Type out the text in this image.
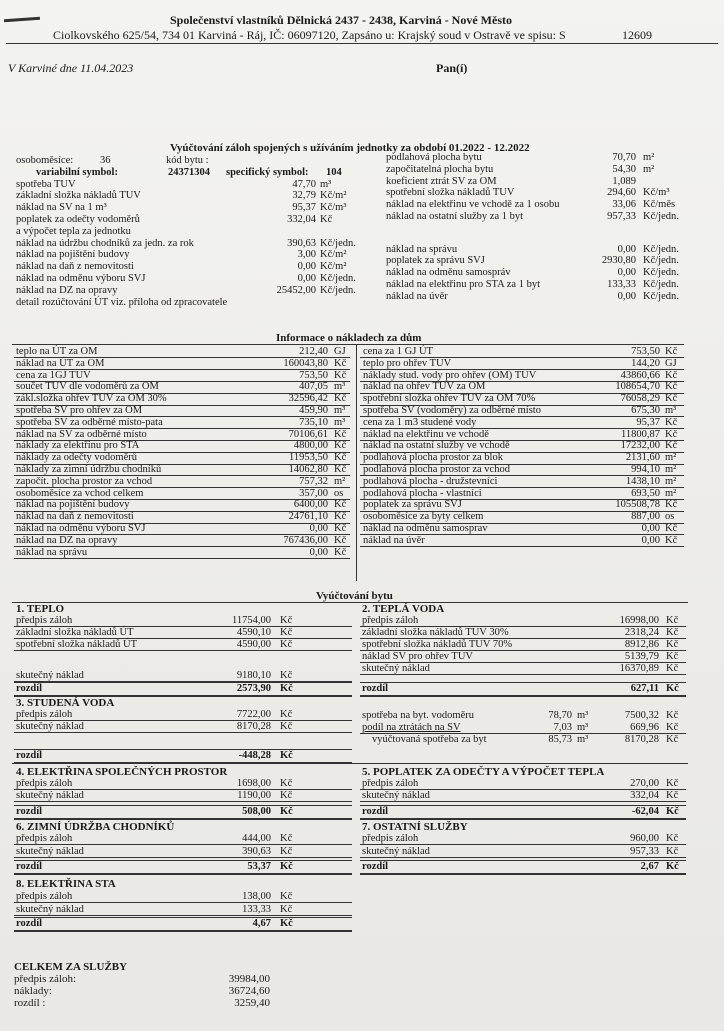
Společenství vlastníků Dělnická 2437 - 2438, Karviná - Nové Město
Ciolkovského 625/54, 734 01 Karviná - Ráj, IČ: 06097120, Zapsáno u: Krajský soud v Ostravě ve spisu: S	12609
V Karviné dne 11.04.2023	Pan(í)
Vyúčtování záloh spojených s užíváním jednotky za období 01.2022 - 12.2022
osoboměsíce:	36
variabilní symbol:	24371304
spotřeba TUV	47,70 m³
základní složka nákladů TUV	32,79 Kč/m²
náklad na SV na 1 m³	95,37 Kč/m³
poplatek za odečty vodoměrů	332,04 Kč
a výpočet tepla za jednotku
náklad na údržbu chodníků za jedn. za rok	390,63 Kč/jedn.
náklad na pojištění budovy	3,00 Kč/m²
náklad na daň z nemovitosti	0,00 Kč/m²
náklad na odměnu výboru SVJ	0,00 Kč/jedn.
náklad na DZ na opravy	25452,00 Kč/jedn.
detail rozúčtování ÚT viz. příloha od zpracovatele
kód bytu :
specifický symbol: 104
podlahová plocha bytu	70,70 m²
započitatelná plocha bytu	54,30 m²
koeficient ztrát SV za OM	1,089
spotřební složka nákladů TUV	294,60 Kč/m³
náklad na elektřinu ve vchodě za 1 osobu	33,06 Kč/měs
náklad na ostatní služby za 1 byt	957,33 Kč/jedn.
náklad na správu	0,00 Kč/jedn.
poplatek za správu SVJ	2930,80 Kč/jedn.
náklad na odměnu samospráv	0,00 Kč/jedn.
náklad na elektřinu pro STA za 1 byt	133,33 Kč/jedn.
náklad na úvěr	0,00 Kč/jedn.
Informace o nákladech za dům
teplo na ÚT za OM	212,40 GJ
náklad na ÚT za OM	160043,80 Kč
cena za 1GJ TUV	753,50 Kč
součet TUV dle vodoměrů za OM	407,05 m³
zákl.složka ohřev TUV za OM 30%	32596,42 Kč
spotřeba SV pro ohřev za OM	459,90 m³
spotřeba SV za odběrné místo-pata	735,10 m³
náklad na SV za odběrné místo	70106,61 Kč
náklady za elektřinu pro STA	4800,00 Kč
náklady za odečty vodoměrů	11953,50 Kč
náklady za zimní údržbu chodníků	14062,80 Kč
započít. plocha prostor za vchod	757,32 m²
osoboměsíce za vchod celkem	357,00 os
náklad na pojištění budovy	6400,00 Kč
náklad na daň z nemovitosti	24761,10 Kč
náklad na odměnu výboru SVJ	0,00 Kč
náklad na DZ na opravy	767436,00 Kč
náklad na správu	0,00 Kč
cena za 1 GJ ÚT	753,50 Kč
teplo pro ohřev TUV	144,20 GJ
náklady stud. vody pro ohřev (OM) TUV	43860,66 Kč
náklad na ohřev TUV za OM	108654,70 Kč
spotřební složka ohřev TUV za OM 70%	76058,29 Kč
spotřeba SV (vodoměry) za odběrné místo	675,30 m³
cena za 1 m3 studené vody	95,37 Kč
náklad na elektřinu ve vchodě	11800,87 Kč
náklad na ostatní služby ve vchodě	17232,00 Kč
podlahová plocha prostor za blok	2131,60 m²
podlahová plocha prostor za vchod	994,10 m²
podlahová plocha - družstevníci	1438,10 m²
podlahová plocha - vlastníci	693,50 m²
poplatek za správu SVJ	105508,78 Kč
osoboměsíce za byty celkem	887,00 os
náklad na odměnu samosprav	0,00 Kč
náklad na úvěr	0,00 Kč
Vyúčtování bytu
1. TEPLO
předpis záloh	11754,00 Kč
základní složka nákladů ÚT	4590,10 Kč
spotřební složka nákladů ÚT	4590,00 Kč
skutečný náklad	9180,10 Kč
rozdíl	2573,90 Kč
2. TEPLÁ VODA
předpis záloh	16998,00 Kč
základní složka nákladů TUV 30%	2318,24 Kč
spotřební složka nákladů TUV 70%	8912,86 Kč
náklad SV pro ohřev TUV	5139,79 Kč
skutečný náklad	16370,89 Kč
rozdíl	627,11 Kč
3. STUDENÁ VODA
předpis záloh	7722,00 Kč
skutečný náklad	8170,28 Kč
rozdíl	-448,28 Kč
spotřeba na byt. vodoměru	78,70 m³	7500,32 Kč
podíl na ztrátách na SV	7,03 m³	669,96 Kč
vyúčtovaná spotřeba za byt	85,73 m³	8170,28 Kč
4. ELEKTŘINA SPOLEČNÝCH PROSTOR
předpis záloh	1698,00 Kč
skutečný náklad	1190,00 Kč
rozdíl	508,00 Kč
5. POPLATEK ZA ODEČTY A VÝPOČET TEPLA
předpis záloh	270,00 Kč
skutečný náklad	332,04 Kč
rozdíl	-62,04 Kč
6. ZIMNÍ ÚDRŽBA CHODNÍKŮ
předpis záloh	444,00 Kč
skutečný náklad	390,63 Kč
rozdíl	53,37 Kč
7. OSTATNÍ SLUŽBY
předpis záloh	960,00 Kč
skutečný náklad	957,33 Kč
rozdíl	2,67 Kč
8. ELEKTŘINA STA
předpis záloh	138,00 Kč
skutečný náklad	133,33 Kč
rozdíl	4,67 Kč
CELKEM ZA SLUŽBY
předpis záloh:	39984,00
náklady:	36724,60
rozdíl :	3259,40
